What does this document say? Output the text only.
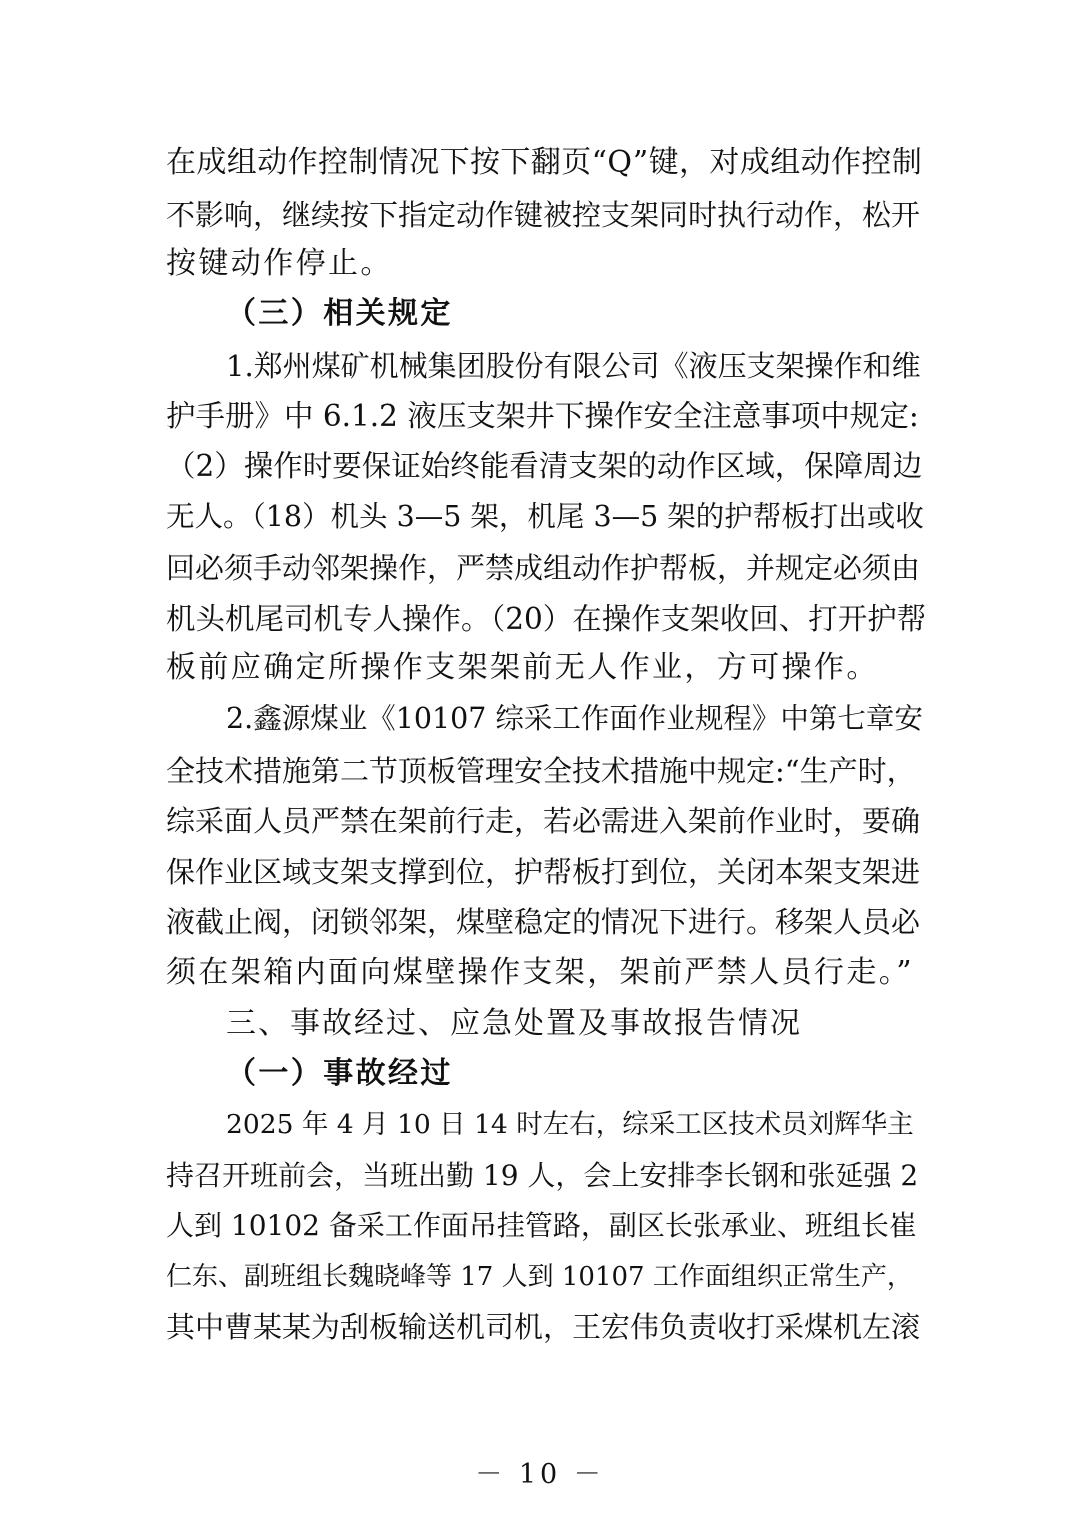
在成组动作控制情况下按下翻页“Q”键，对成组动作控制
不影响，继续按下指定动作键被控支架同时执行动作，松开
按键动作停止。
（三）相关规定
1.郑州煤矿机械集团股份有限公司《液压支架操作和维
护手册》中 6.1.2 液压支架井下操作安全注意事项中规定:
（2）操作时要保证始终能看清支架的动作区域，保障周边
无人。（18）机头 3—5 架，机尾 3—5 架的护帮板打出或收
回必须手动邻架操作，严禁成组动作护帮板，并规定必须由
机头机尾司机专人操作。（20）在操作支架收回、打开护帮
板前应确定所操作支架架前无人作业，方可操作。
2.鑫源煤业《10107 综采工作面作业规程》中第七章安
全技术措施第二节顶板管理安全技术措施中规定:“生产时，
综采面人员严禁在架前行走，若必需进入架前作业时，要确
保作业区域支架支撑到位，护帮板打到位，关闭本架支架进
液截止阀，闭锁邻架，煤壁稳定的情况下进行。移架人员必
须在架箱内面向煤壁操作支架，架前严禁人员行走。”
三、事故经过、应急处置及事故报告情况
（一）事故经过
2025 年 4 月 10 日 14 时左右，综采工区技术员刘辉华主
持召开班前会，当班出勤 19 人，会上安排李长钢和张延强 2
人到 10102 备采工作面吊挂管路，副区长张承业、班组长崔
仁东、副班组长魏晓峰等 17 人到 10107 工作面组织正常生产，
其中曹某某为刮板输送机司机，王宏伟负责收打采煤机左滚
－ 10 －
